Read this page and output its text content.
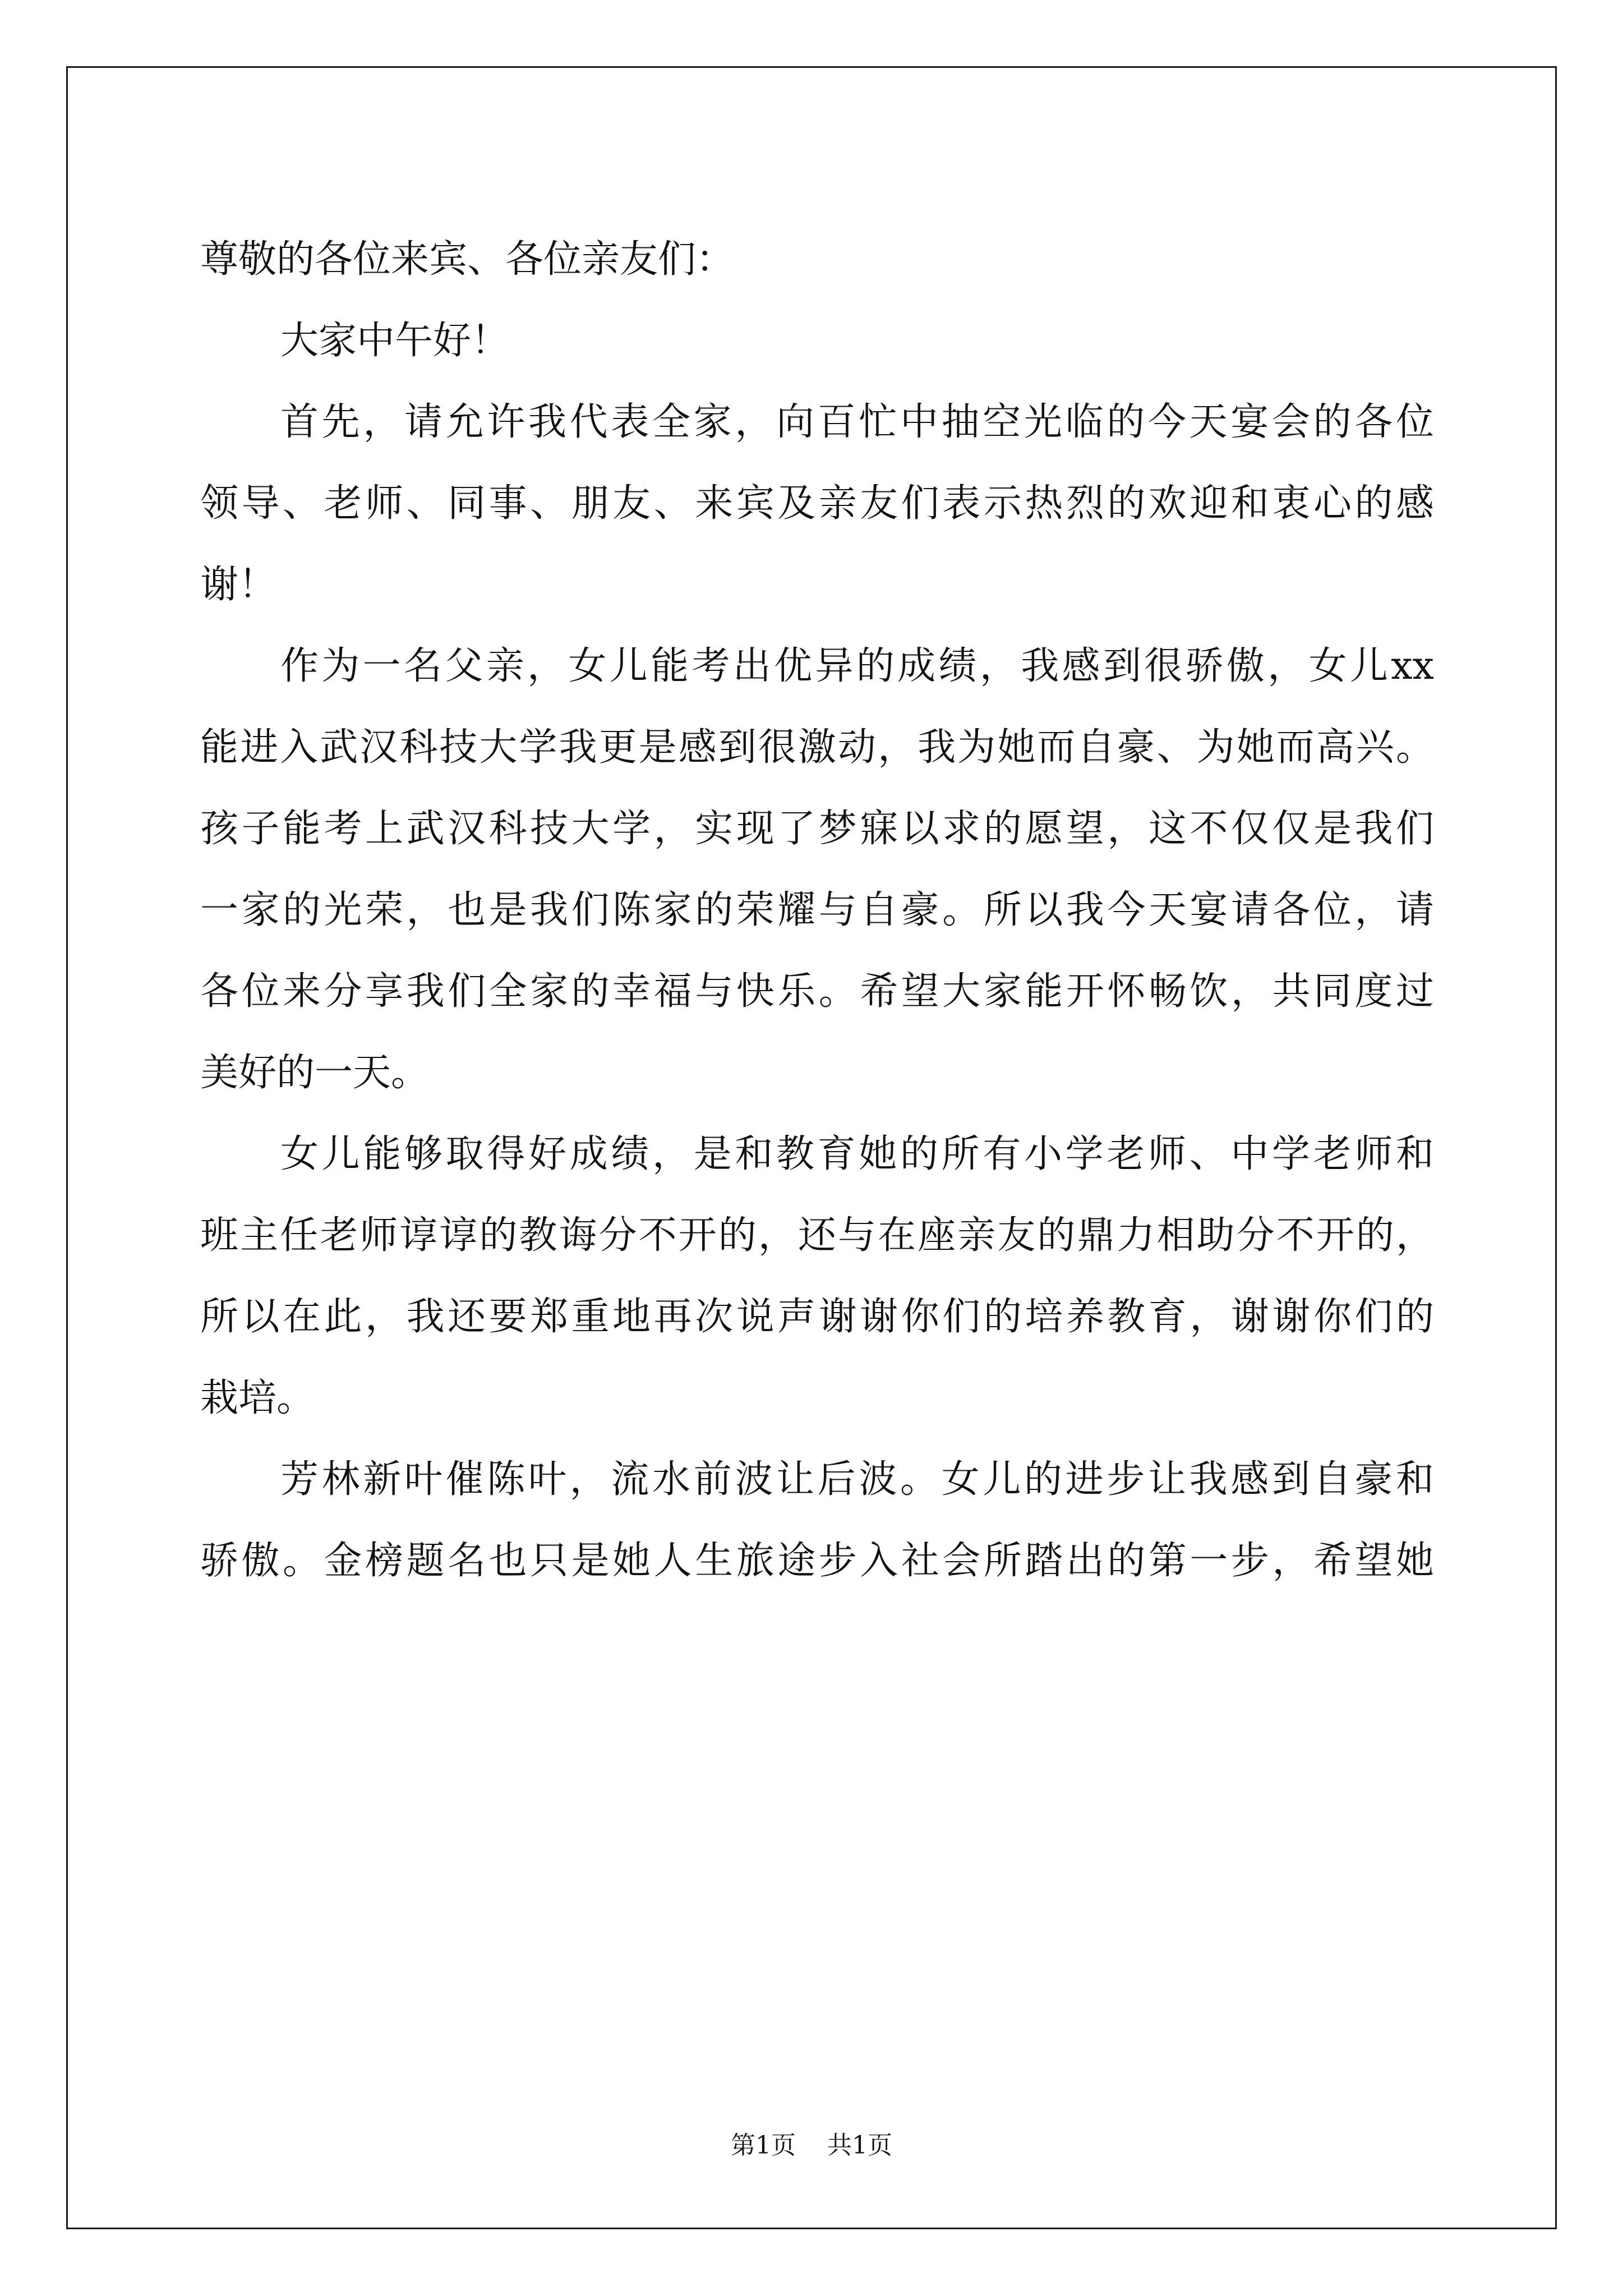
尊敬的各位来宾、各位亲友们：
大家中午好！
首先，请允许我代表全家，向百忙中抽空光临的今天宴会的各位
领导、老师、同事、朋友、来宾及亲友们表示热烈的欢迎和衷心的感
谢！
作为一名父亲，女儿能考出优异的成绩，我感到很骄傲，女儿xx
能进入武汉科技大学我更是感到很激动，我为她而自豪、为她而高兴。
孩子能考上武汉科技大学，实现了梦寐以求的愿望，这不仅仅是我们
一家的光荣，也是我们陈家的荣耀与自豪。所以我今天宴请各位，请
各位来分享我们全家的幸福与快乐。希望大家能开怀畅饮，共同度过
美好的一天。
女儿能够取得好成绩，是和教育她的所有小学老师、中学老师和
班主任老师谆谆的教诲分不开的，还与在座亲友的鼎力相助分不开的，
所以在此，我还要郑重地再次说声谢谢你们的培养教育，谢谢你们的
栽培。
芳林新叶催陈叶，流水前波让后波。女儿的进步让我感到自豪和
骄傲。金榜题名也只是她人生旅途步入社会所踏出的第一步，希望她
第1页 共1页
